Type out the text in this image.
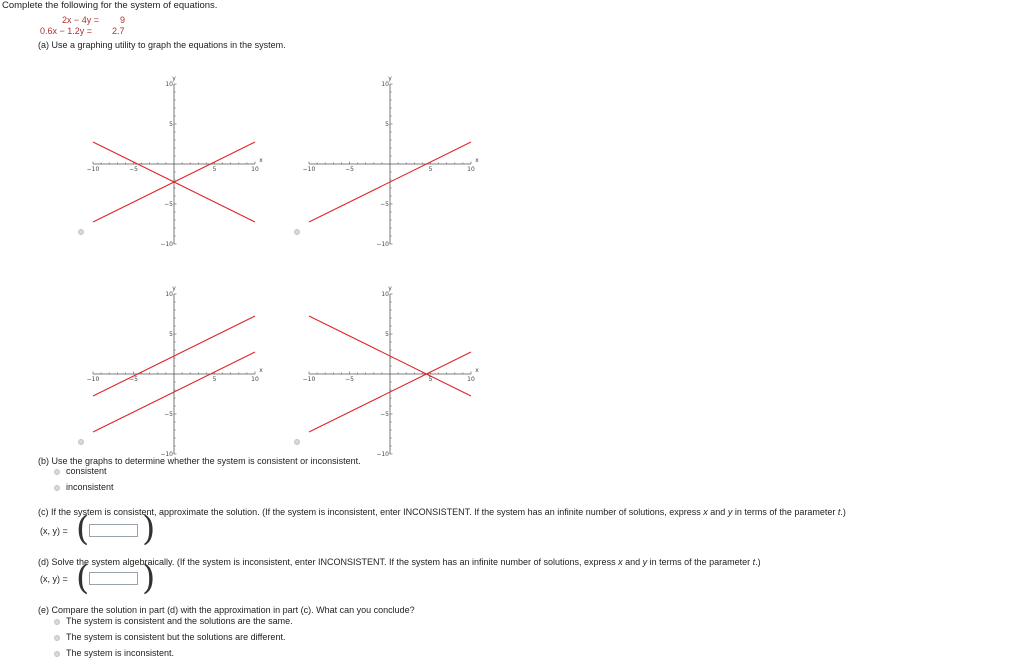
Complete the following for the system of equations.
2x − 4y = 9
0.6x − 1.2y = 2.7
(a) Use a graphing utility to graph the equations in the system.
−10	−5	5	10
10
5
−5
−10
x
y
−10	−5	5	10
10
5
−5
−10
x
y
−10	−5	5	10
10
5
−5
−10
x
y
−10	−5	5	10
10
5
−5
−10
x
y
(b) Use the graphs to determine whether the system is consistent or inconsistent.
consistent
inconsistent
(c) If the system is consistent, approximate the solution. (If the system is inconsistent, enter INCONSISTENT. If the system has an infinite number of solutions, express x and y in terms of the parameter t.)
(x, y) = ( )
(d) Solve the system algebraically. (If the system is inconsistent, enter INCONSISTENT. If the system has an infinite number of solutions, express x and y in terms of the parameter t.)
(x, y) = ( )
(e) Compare the solution in part (d) with the approximation in part (c). What can you conclude?
The system is consistent and the solutions are the same.
The system is consistent but the solutions are different.
The system is inconsistent.
